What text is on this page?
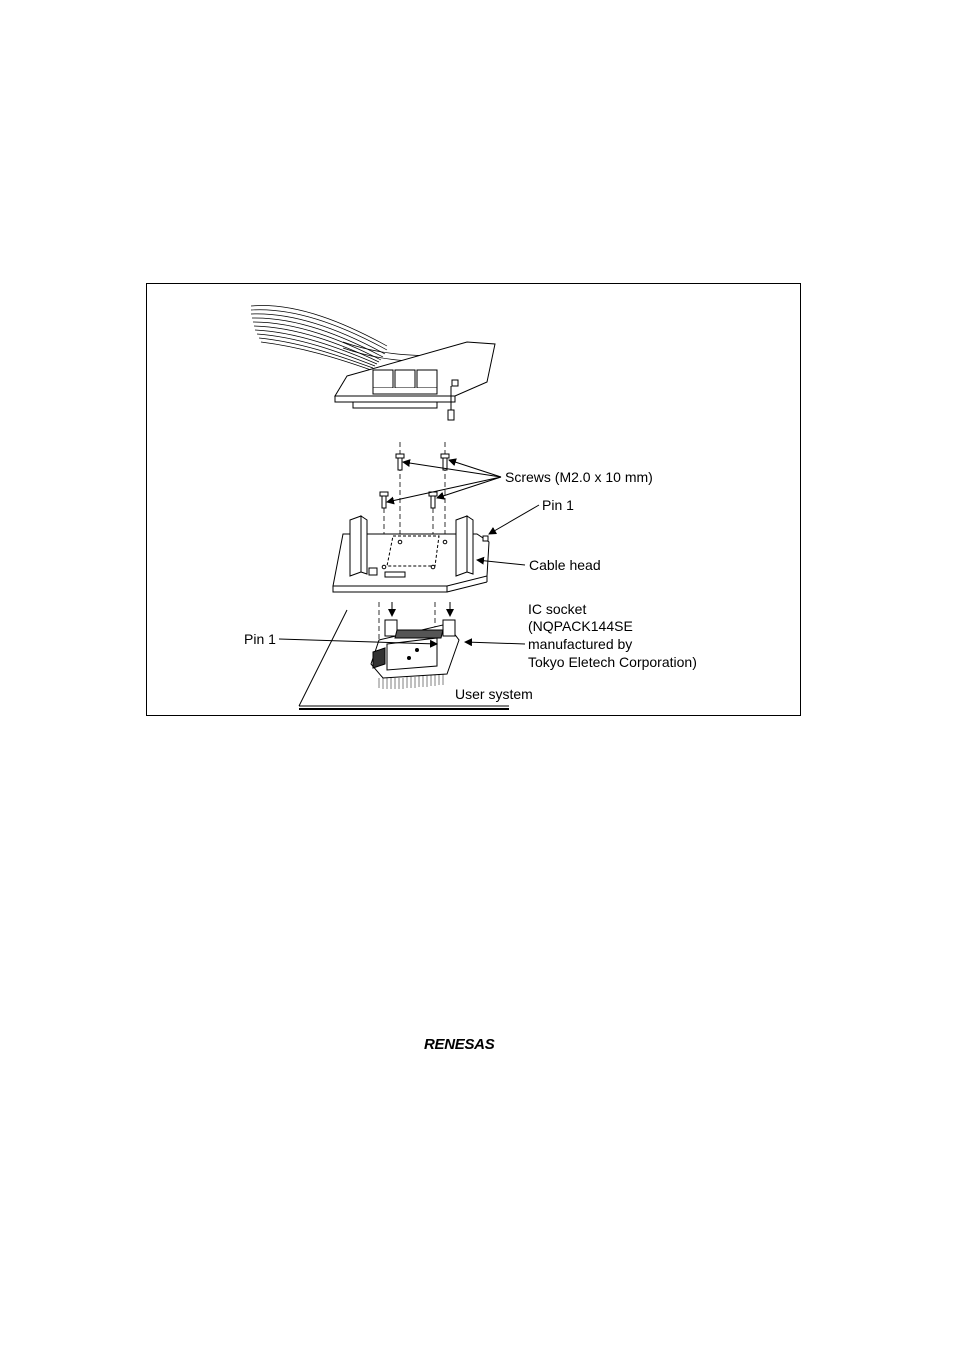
Screws (M2.0 x 10 mm)
Pin 1
Cable head
IC socket
(NQPACK144SE
manufactured by
Tokyo Eletech Corporation)
Pin 1
User system
RENESAS
